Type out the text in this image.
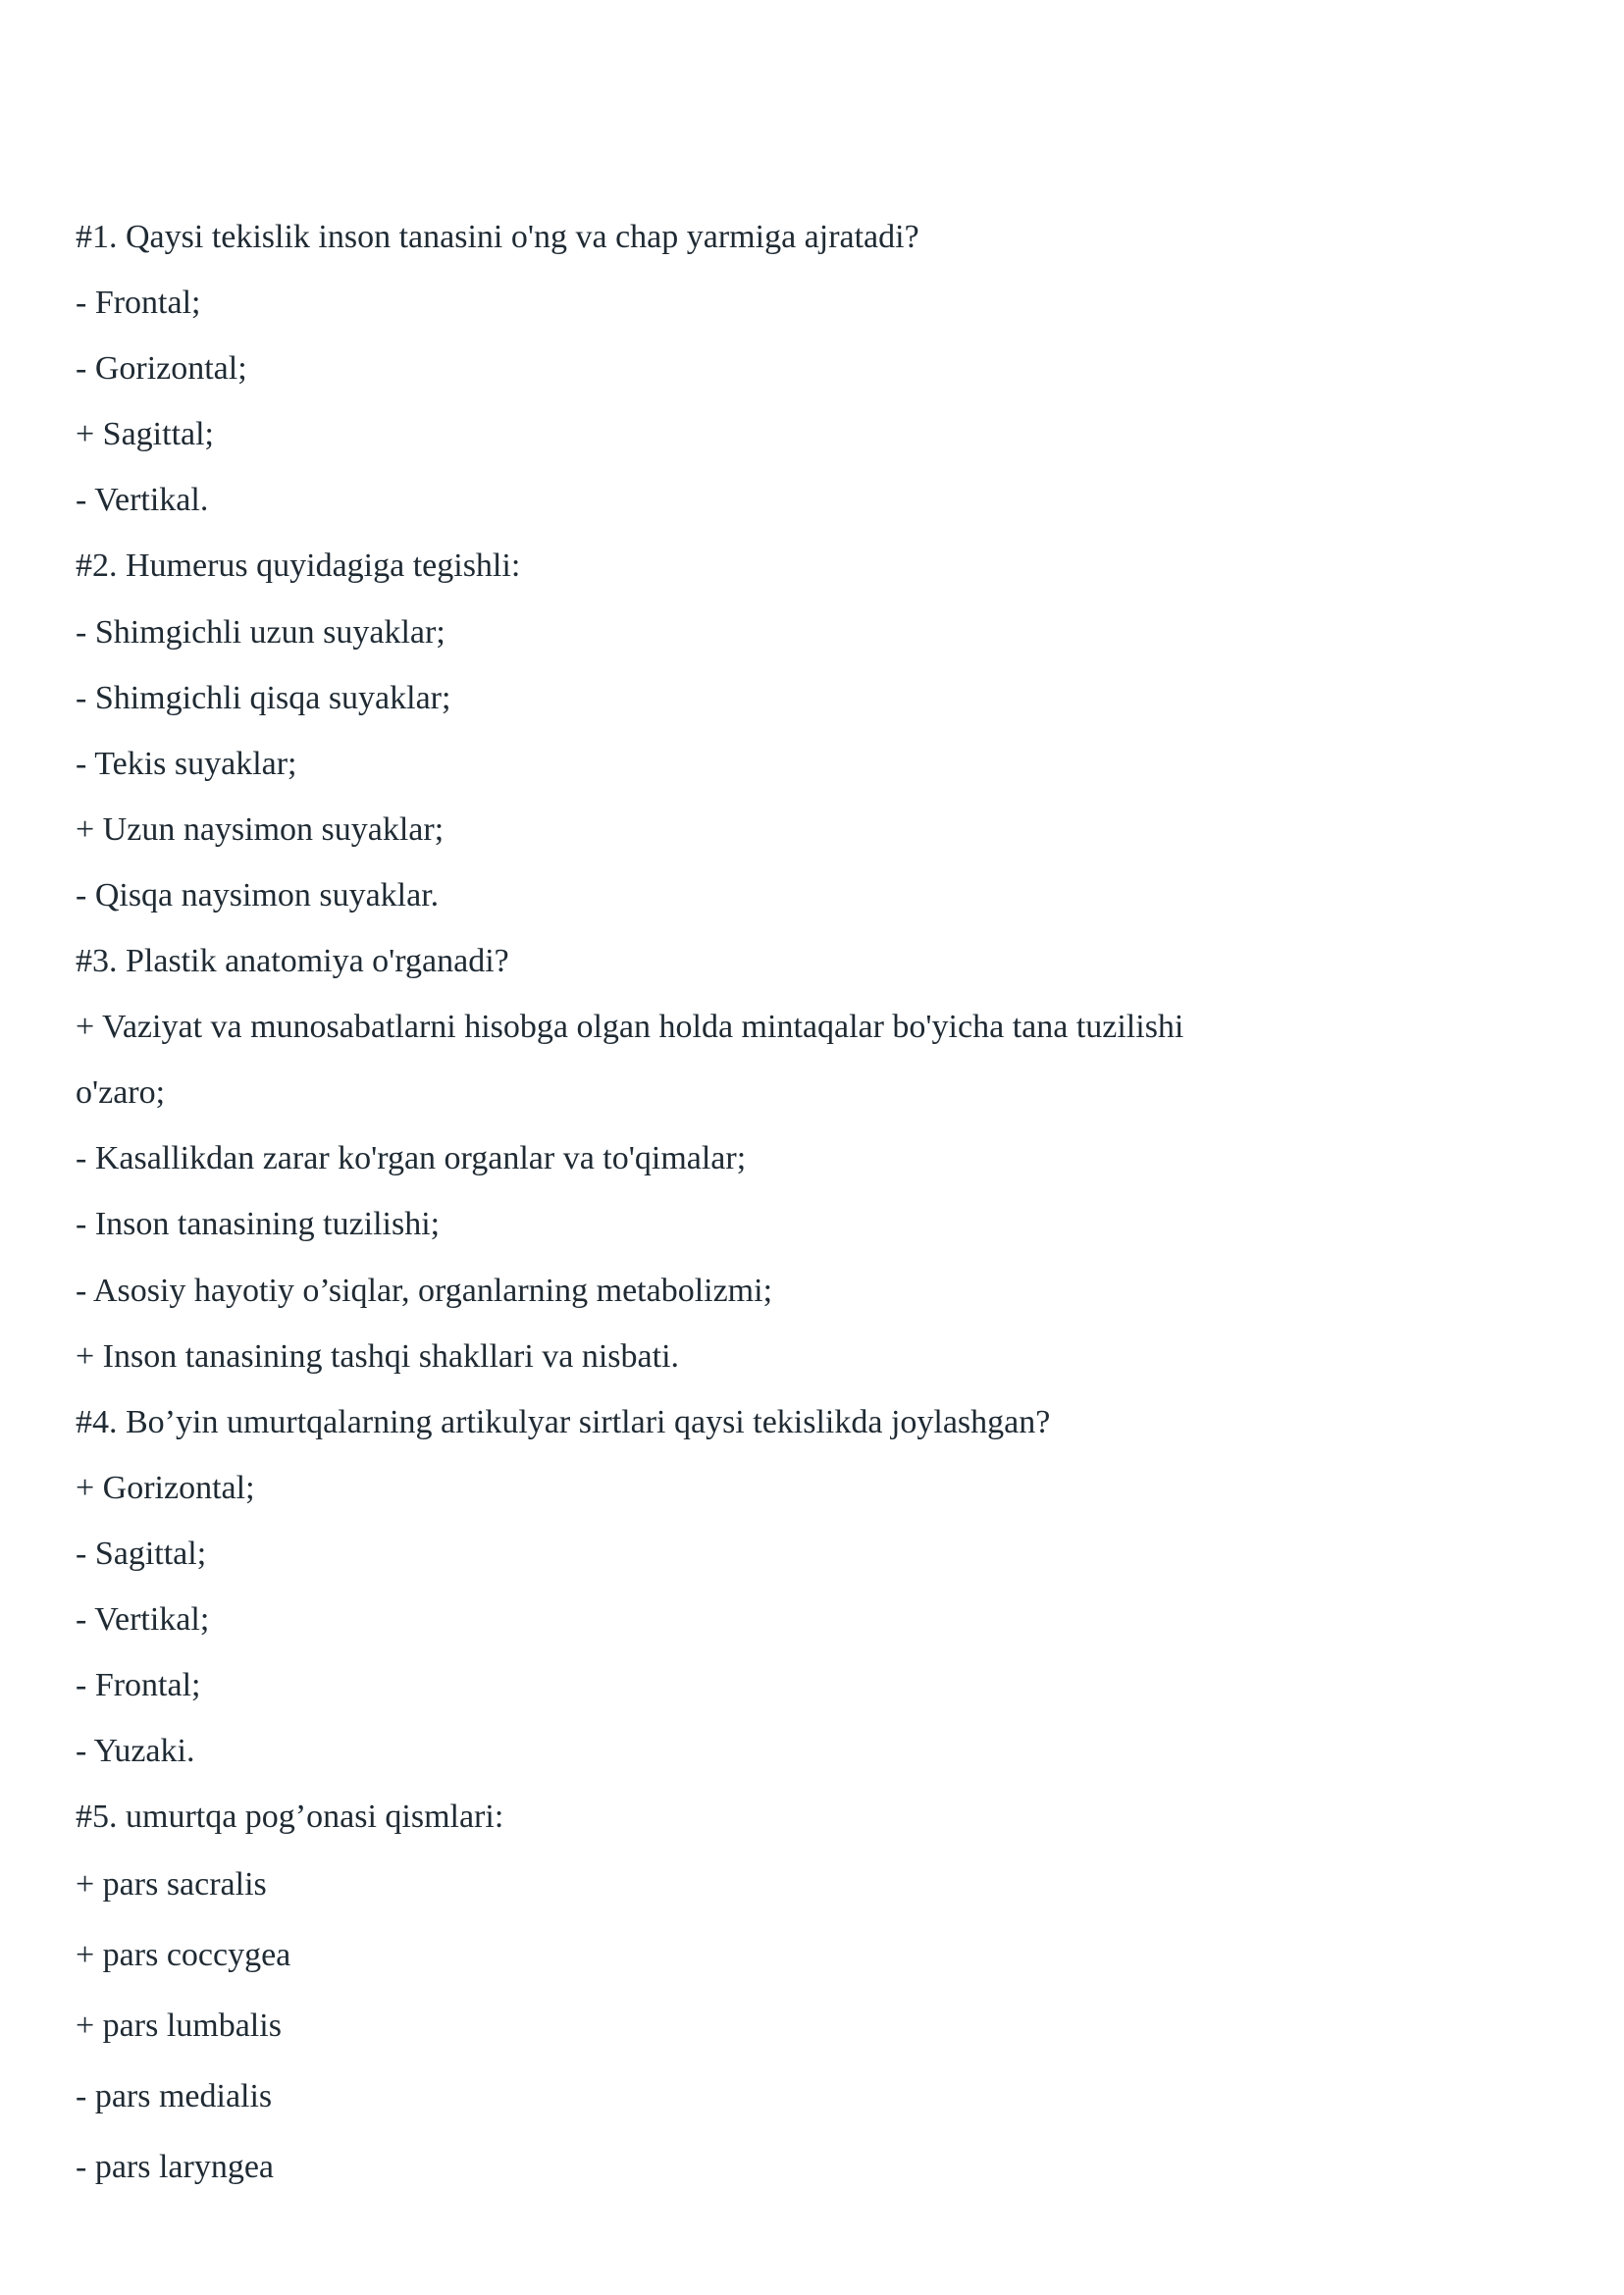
#1. Qaysi tekislik inson tanasini o'ng va chap yarmiga ajratadi?
- Frontal;
- Gorizontal;
+ Sagittal;
- Vertikal.
#2. Humerus quyidagiga tegishli:
- Shimgichli uzun suyaklar;
- Shimgichli qisqa suyaklar;
- Tekis suyaklar;
+ Uzun naysimon suyaklar;
- Qisqa naysimon suyaklar.
#3. Plastik anatomiya o'rganadi?
+ Vaziyat va munosabatlarni hisobga olgan holda mintaqalar bo'yicha tana tuzilishi
o'zaro;
- Kasallikdan zarar ko'rgan organlar va to'qimalar;
- Inson tanasining tuzilishi;
- Asosiy hayotiy o’siqlar, organlarning metabolizmi;
+ Inson tanasining tashqi shakllari va nisbati.
#4. Bo’yin umurtqalarning artikulyar sirtlari qaysi tekislikda joylashgan?
+ Gorizontal;
- Sagittal;
- Vertikal;
- Frontal;
- Yuzaki.
#5. umurtqa pog’onasi qismlari:
+ pars sacralis
+ pars coccygea
+ pars lumbalis
- pars medialis
- pars laryngea
